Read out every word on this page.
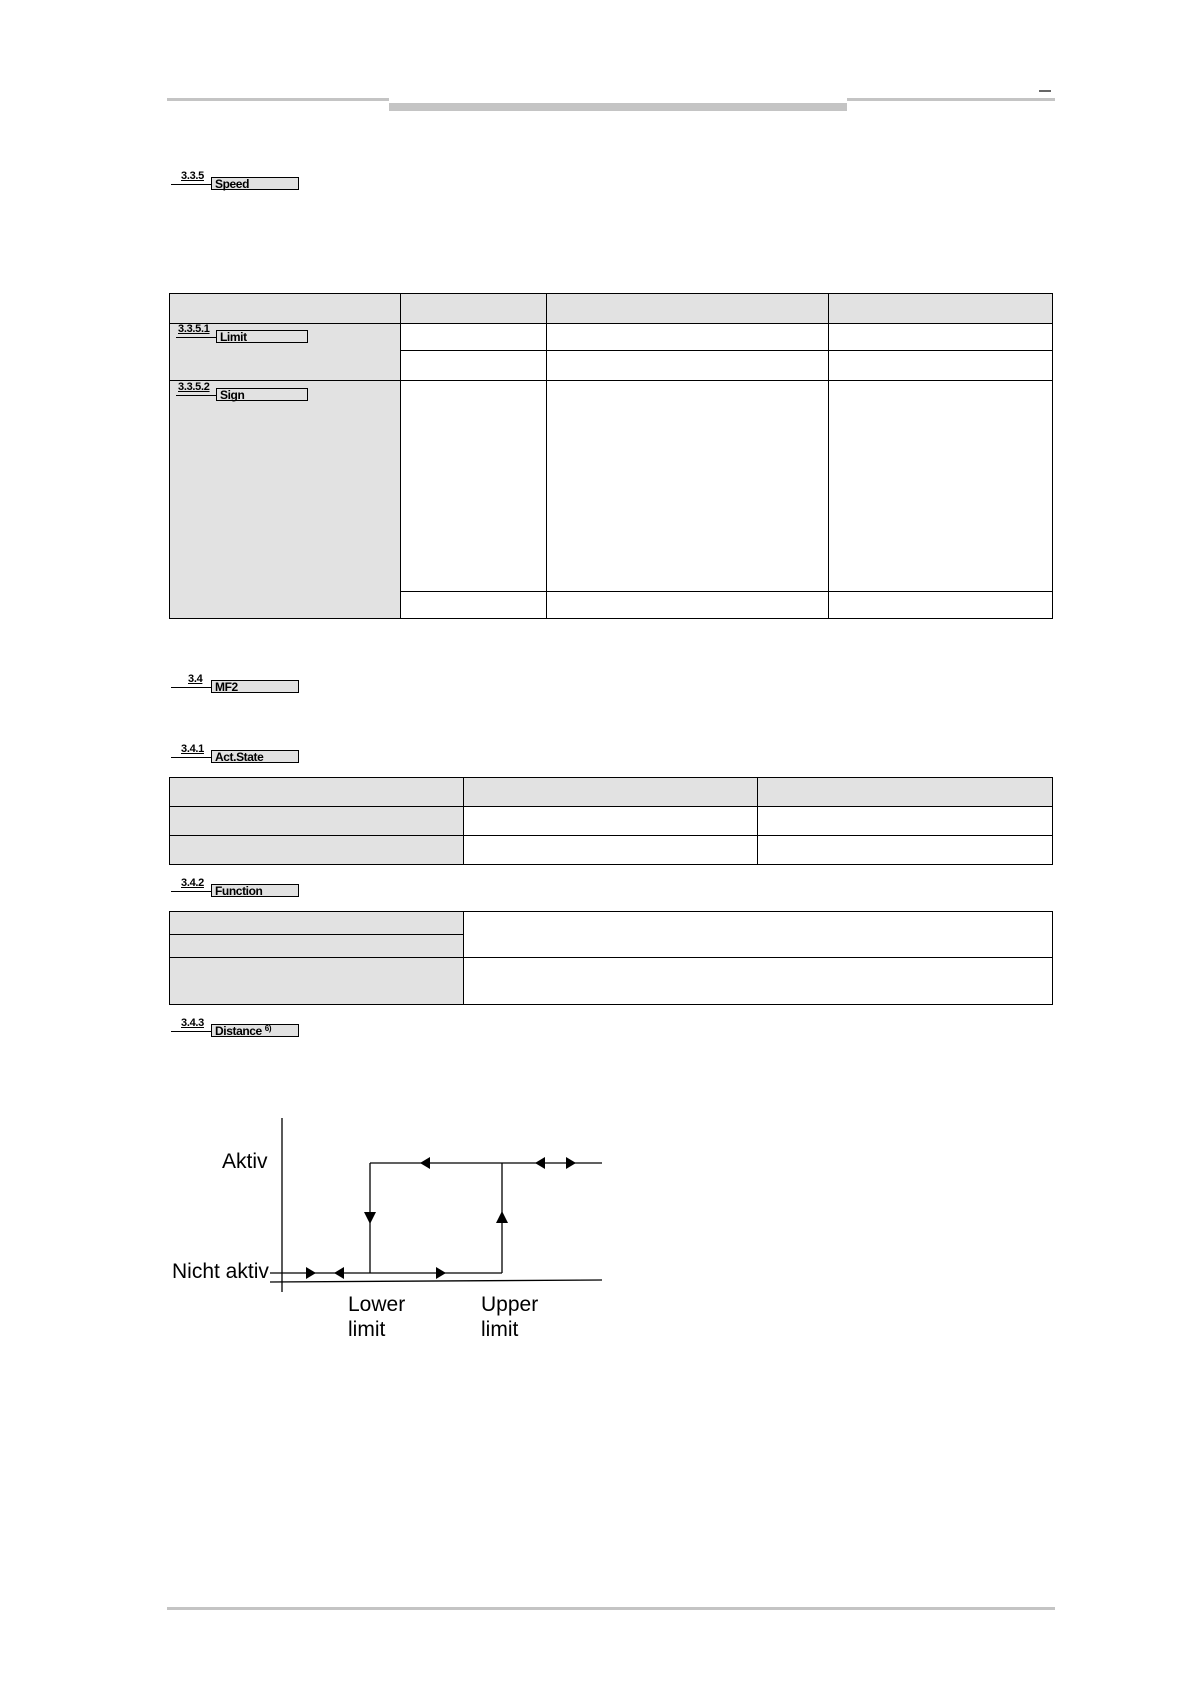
3.3.5
Speed

3.3.5.1
Limit			

3.3.5.2
Sign			

3.4
MF2
3.4.1
Act.State

3.4.2
Function

3.4.3
Distance $^{6)}$
Aktiv
Nicht aktiv
Lower
limit
Upper
limit
